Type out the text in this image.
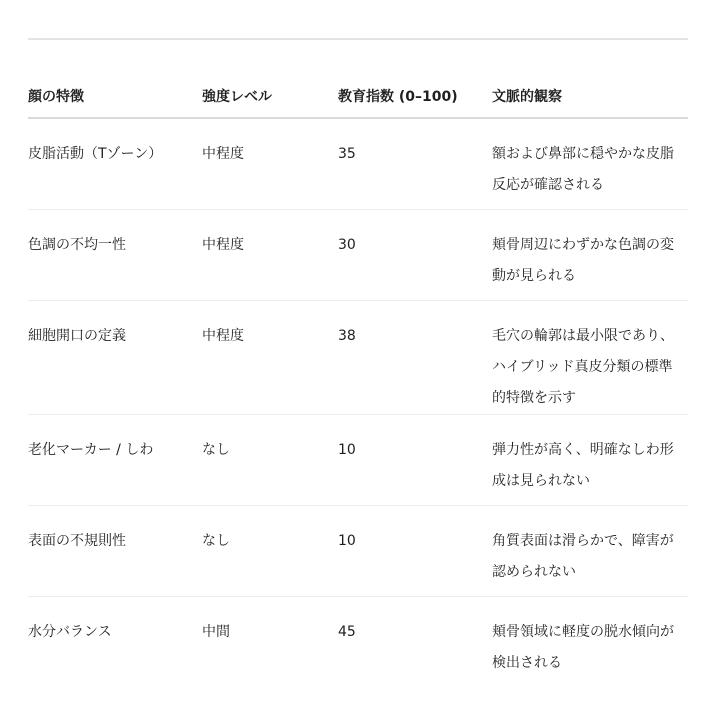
顔の特徴	強度レベル	教育指数 (0–100)	文脈的観察
皮脂活動（Tゾーン）	中程度	35	額および鼻部に穏やかな皮脂反応が確認される
色調の不均一性	中程度	30	頬骨周辺にわずかな色調の変動が見られる
細胞開口の定義	中程度	38	毛穴の輪郭は最小限であり、ハイブリッド真皮分類の標準的特徴を示す
老化マーカー / しわ	なし	10	弾力性が高く、明確なしわ形成は見られない
表面の不規則性	なし	10	角質表面は滑らかで、障害が認められない
水分バランス	中間	45	頬骨領域に軽度の脱水傾向が検出される
